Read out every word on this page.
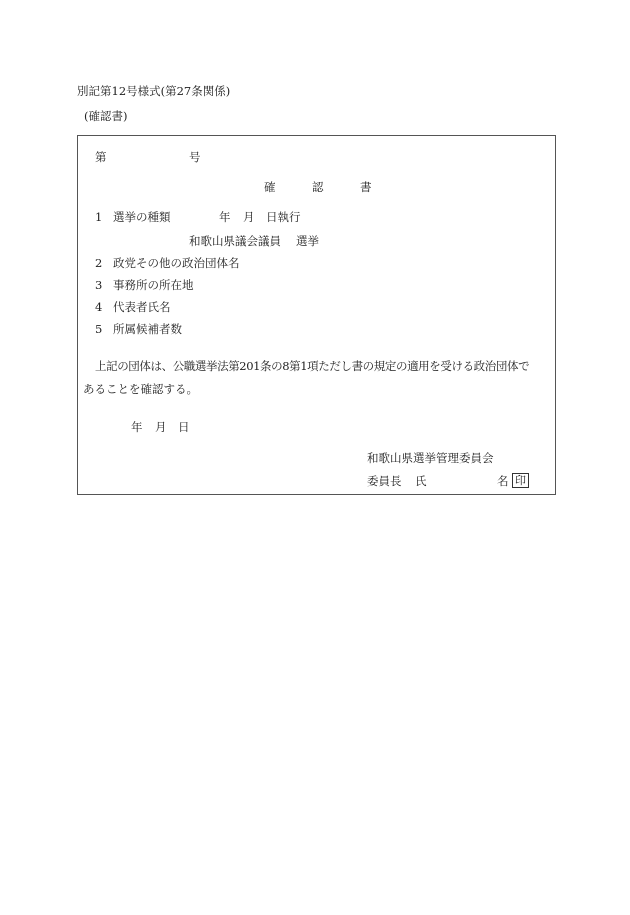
別記第12号様式(第27条関係)
(確認書)
第	号
確	認	書
1 選挙の種類	年 月 日執行
和歌山県議会議員 選挙
2 政党その他の政治団体名
3 事務所の所在地
4 代表者氏名
5 所属候補者数
上記の団体は、公職選挙法第201条の8第1項ただし書の規定の適用を受ける政治団体で
あることを確認する。
年 月 日
和歌山県選挙管理委員会
委員長 氏	名 印
